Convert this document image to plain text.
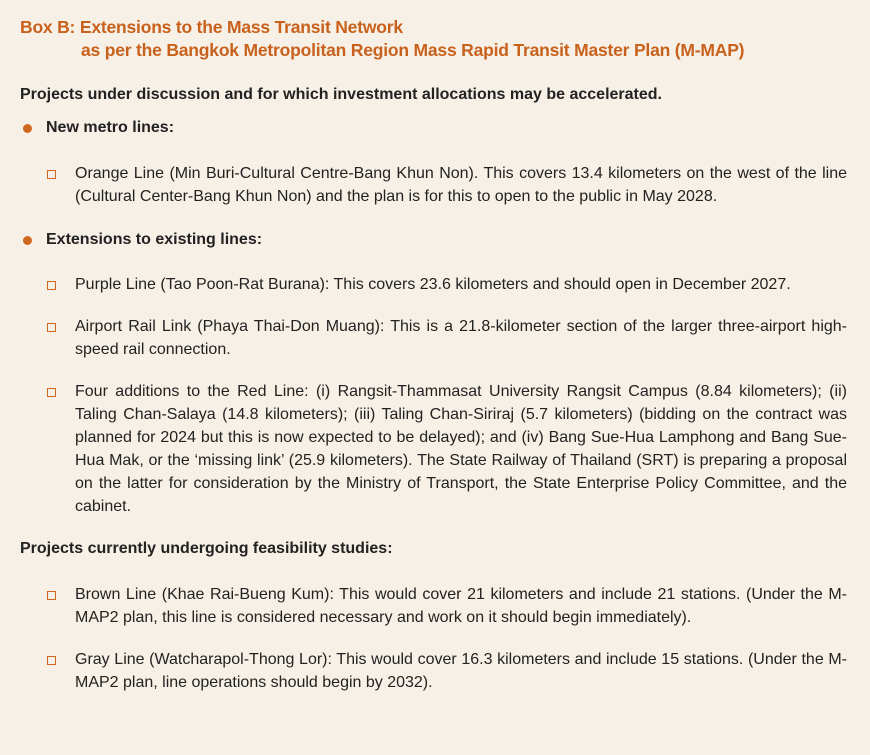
Box B: Extensions to the Mass Transit Network
as per the Bangkok Metropolitan Region Mass Rapid Transit Master Plan (M-MAP)
Projects under discussion and for which investment allocations may be accelerated.
New metro lines:
Orange Line (Min Buri-Cultural Centre-Bang Khun Non). This covers 13.4 kilometers on the west of the line (Cultural Center-Bang Khun Non) and the plan is for this to open to the public in May 2028.
Extensions to existing lines:
Purple Line (Tao Poon-Rat Burana): This covers 23.6 kilometers and should open in December 2027.
Airport Rail Link (Phaya Thai-Don Muang): This is a 21.8-kilometer section of the larger three-airport high-speed rail connection.
Four additions to the Red Line: (i) Rangsit-Thammasat University Rangsit Campus (8.84 kilometers); (ii) Taling Chan-Salaya (14.8 kilometers); (iii) Taling Chan-Siriraj (5.7 kilometers) (bidding on the contract was planned for 2024 but this is now expected to be delayed); and (iv) Bang Sue-Hua Lamphong and Bang Sue-Hua Mak, or the ‘missing link’ (25.9 kilometers). The State Railway of Thailand (SRT) is preparing a proposal on the latter for consideration by the Ministry of Transport, the State Enterprise Policy Committee, and the cabinet.
Projects currently undergoing feasibility studies:
Brown Line (Khae Rai-Bueng Kum): This would cover 21 kilometers and include 21 stations. (Under the M-MAP2 plan, this line is considered necessary and work on it should begin immediately).
Gray Line (Watcharapol-Thong Lor): This would cover 16.3 kilometers and include 15 stations. (Under the M-MAP2 plan, line operations should begin by 2032).
